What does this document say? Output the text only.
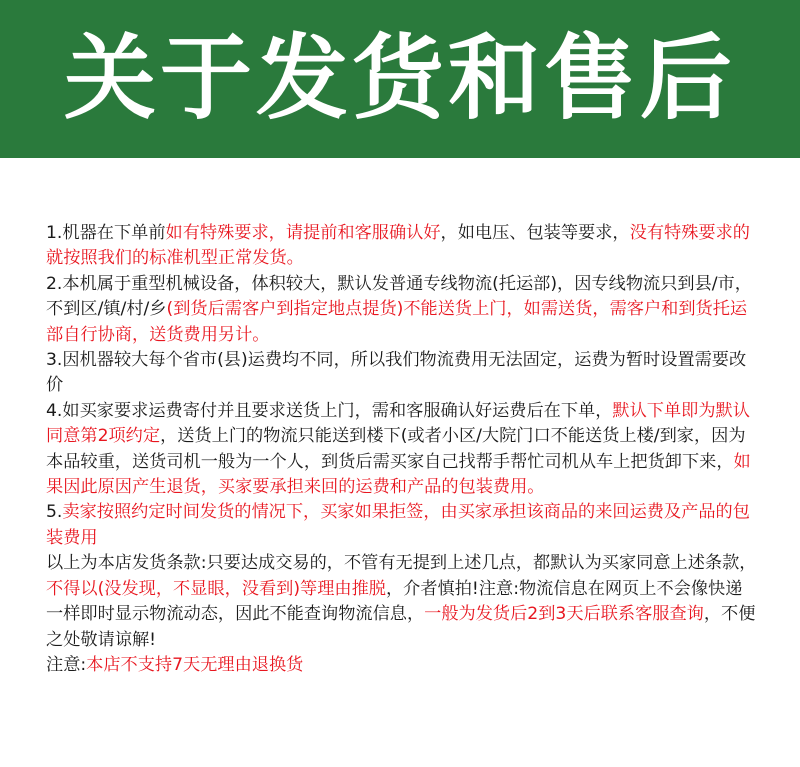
关于发货和售后

1.机器在下单前如有特殊要求，请提前和客服确认好，如电压、包装等要求，没有特殊要求的就按照我们的标准机型正常发货。

2.本机属于重型机械设备，体积较大，默认发普通专线物流(托运部)，因专线物流只到县/市，不到区/镇/村/乡(到货后需客户到指定地点提货)不能送货上门，如需送货，需客户和到货托运部自行协商，送货费用另计。

3.因机器较大每个省市(县)运费均不同，所以我们物流费用无法固定，运费为暂时设置需要改价

4.如买家要求运费寄付并且要求送货上门，需和客服确认好运费后在下单，默认下单即为默认同意第2项约定，送货上门的物流只能送到楼下(或者小区/大院门口不能送货上楼/到家，因为本品较重，送货司机一般为一个人，到货后需买家自己找帮手帮忙司机从车上把货卸下来，如果因此原因产生退货，买家要承担来回的运费和产品的包装费用。

5.卖家按照约定时间发货的情况下，买家如果拒签，由买家承担该商品的来回运费及产品的包装费用

以上为本店发货条款:只要达成交易的，不管有无提到上述几点，都默认为买家同意上述条款，不得以(没发现，不显眼，没看到)等理由推脱，介者慎拍!注意:物流信息在网页上不会像快递一样即时显示物流动态，因此不能查询物流信息，一般为发货后2到3天后联系客服查询，不便之处敬请谅解!

注意:本店不支持7天无理由退换货
